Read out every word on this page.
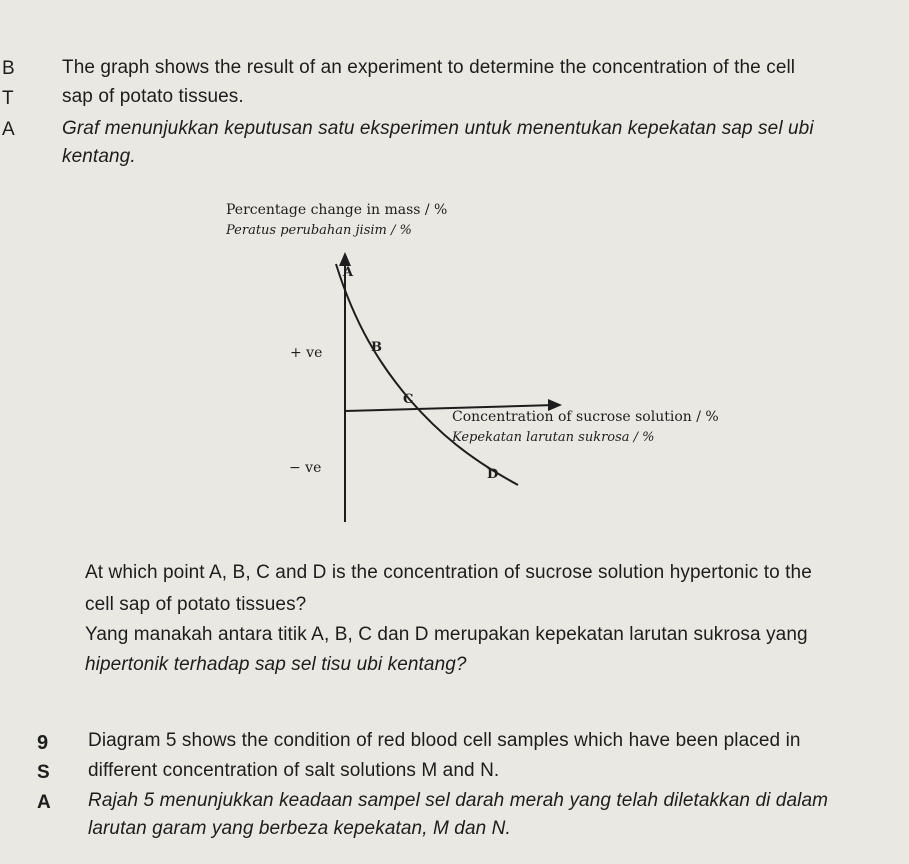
B
T
A
The graph shows the result of an experiment to determine the concentration of the cell
sap of potato tissues.
Graf menunjukkan keputusan satu eksperimen untuk menentukan kepekatan sap sel ubi
kentang.
Percentage change in mass / %
Peratus perubahan jisim / %
Concentration of sucrose solution / %
Kepekatan larutan sukrosa / %
+ ve
− ve
A
B
C
D
At which point A, B, C and D is the concentration of sucrose solution hypertonic to the
cell sap of potato tissues?
Yang manakah antara titik A, B, C dan D merupakan kepekatan larutan sukrosa yang
hipertonik terhadap sap sel tisu ubi kentang?
9
S
A
Diagram 5 shows the condition of red blood cell samples which have been placed in
different concentration of salt solutions M and N.
Rajah 5 menunjukkan keadaan sampel sel darah merah yang telah diletakkan di dalam
larutan garam yang berbeza kepekatan, M dan N.
